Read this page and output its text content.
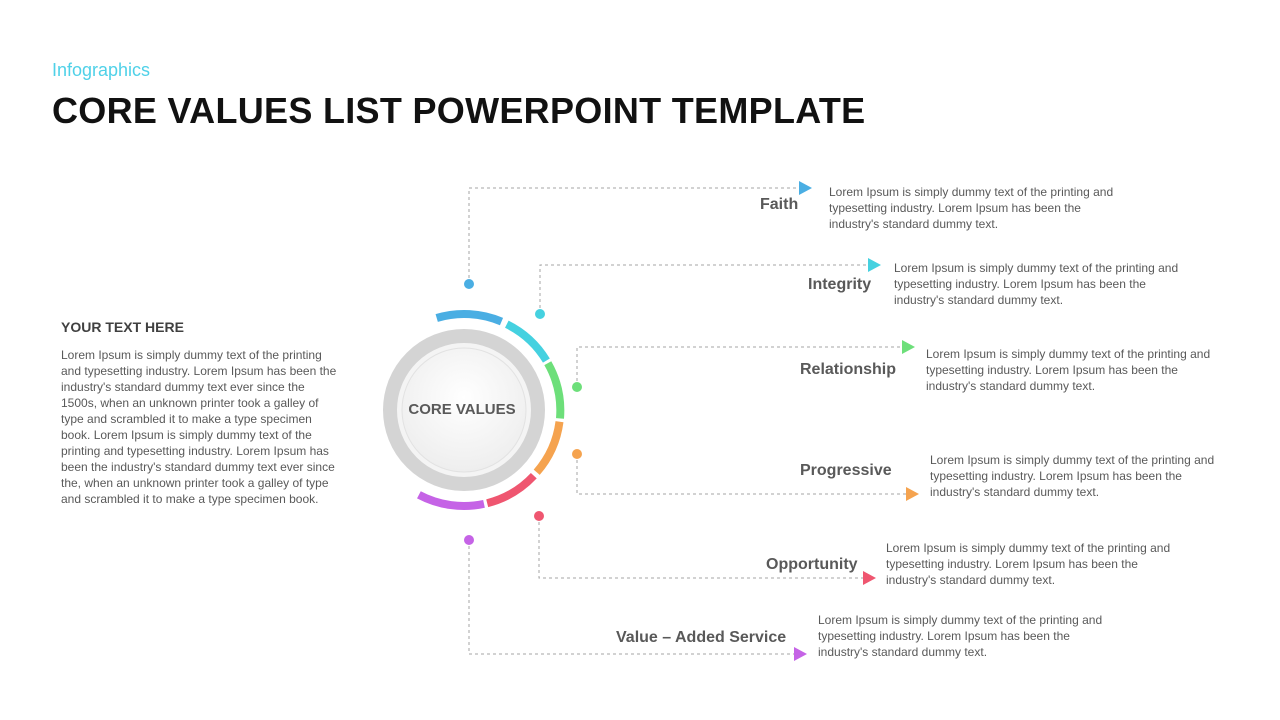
Infographics
CORE VALUES LIST POWERPOINT TEMPLATE
YOUR TEXT HERE
Lorem Ipsum is simply dummy text of the printing and typesetting industry. Lorem Ipsum has been the industry's standard dummy text ever since the 1500s, when an unknown printer took a galley of type and scrambled it to make a type specimen book. Lorem Ipsum is simply dummy text of the printing and typesetting industry. Lorem Ipsum has been the industry's standard dummy text ever since the, when an unknown printer took a galley of type and scrambled it to make a type specimen book.
CORE VALUES
Faith
Integrity
Relationship
Progressive
Opportunity
Value – Added Service
Lorem Ipsum is simply dummy text of the printing and typesetting industry. Lorem Ipsum has been the industry's standard dummy text.
Lorem Ipsum is simply dummy text of the printing and typesetting industry. Lorem Ipsum has been the industry's standard dummy text.
Lorem Ipsum is simply dummy text of the printing and typesetting industry. Lorem Ipsum has been the industry's standard dummy text.
Lorem Ipsum is simply dummy text of the printing and typesetting industry. Lorem Ipsum has been the industry's standard dummy text.
Lorem Ipsum is simply dummy text of the printing and typesetting industry. Lorem Ipsum has been the industry's standard dummy text.
Lorem Ipsum is simply dummy text of the printing and typesetting industry. Lorem Ipsum has been the industry's standard dummy text.
